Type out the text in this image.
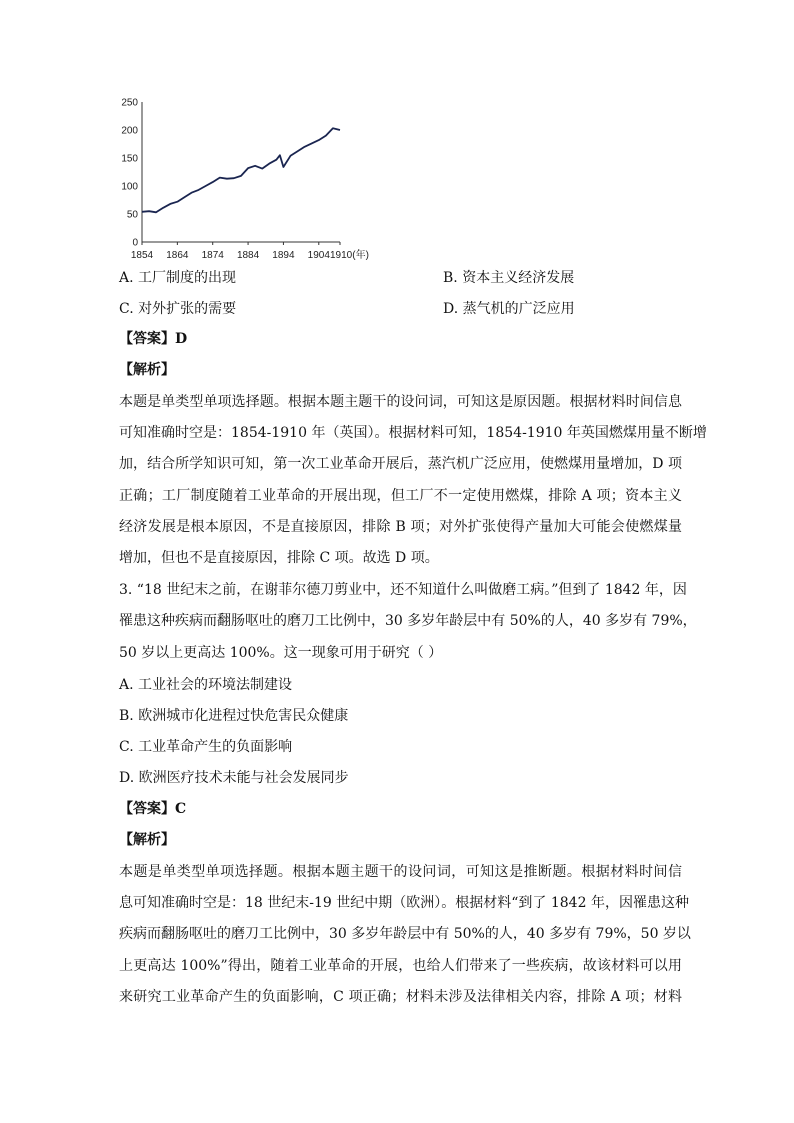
250
200
150
100
50
0
1854 1864 1874 1884 1894 1904 1910(年)
A. 工厂制度的出现	B. 资本主义经济发展
C. 对外扩张的需要	D. 蒸气机的广泛应用
【答案】D
【解析】
本题是单类型单项选择题。根据本题主题干的设问词，可知这是原因题。根据材料时间信息
可知准确时空是：1854-1910 年（英国）。根据材料可知，1854-1910 年英国燃煤用量不断增
加，结合所学知识可知，第一次工业革命开展后，蒸汽机广泛应用，使燃煤用量增加，D 项
正确；工厂制度随着工业革命的开展出现，但工厂不一定使用燃煤，排除 A 项；资本主义
经济发展是根本原因，不是直接原因，排除 B 项；对外扩张使得产量加大可能会使燃煤量
增加，但也不是直接原因，排除 C 项。故选 D 项。
3. “18 世纪末之前，在谢菲尔德刀剪业中，还不知道什么叫做磨工病。”但到了 1842 年，因
罹患这种疾病而翻肠呕吐的磨刀工比例中，30 多岁年龄层中有 50%的人，40 多岁有 79%，
50 岁以上更高达 100%。这一现象可用于研究（ ）
A. 工业社会的环境法制建设
B. 欧洲城市化进程过快危害民众健康
C. 工业革命产生的负面影响
D. 欧洲医疗技术未能与社会发展同步
【答案】C
【解析】
本题是单类型单项选择题。根据本题主题干的设问词，可知这是推断题。根据材料时间信
息可知准确时空是：18 世纪末-19 世纪中期（欧洲）。根据材料“到了 1842 年，因罹患这种
疾病而翻肠呕吐的磨刀工比例中，30 多岁年龄层中有 50%的人，40 多岁有 79%，50 岁以
上更高达 100%”得出，随着工业革命的开展，也给人们带来了一些疾病，故该材料可以用
来研究工业革命产生的负面影响，C 项正确；材料未涉及法律相关内容，排除 A 项；材料
